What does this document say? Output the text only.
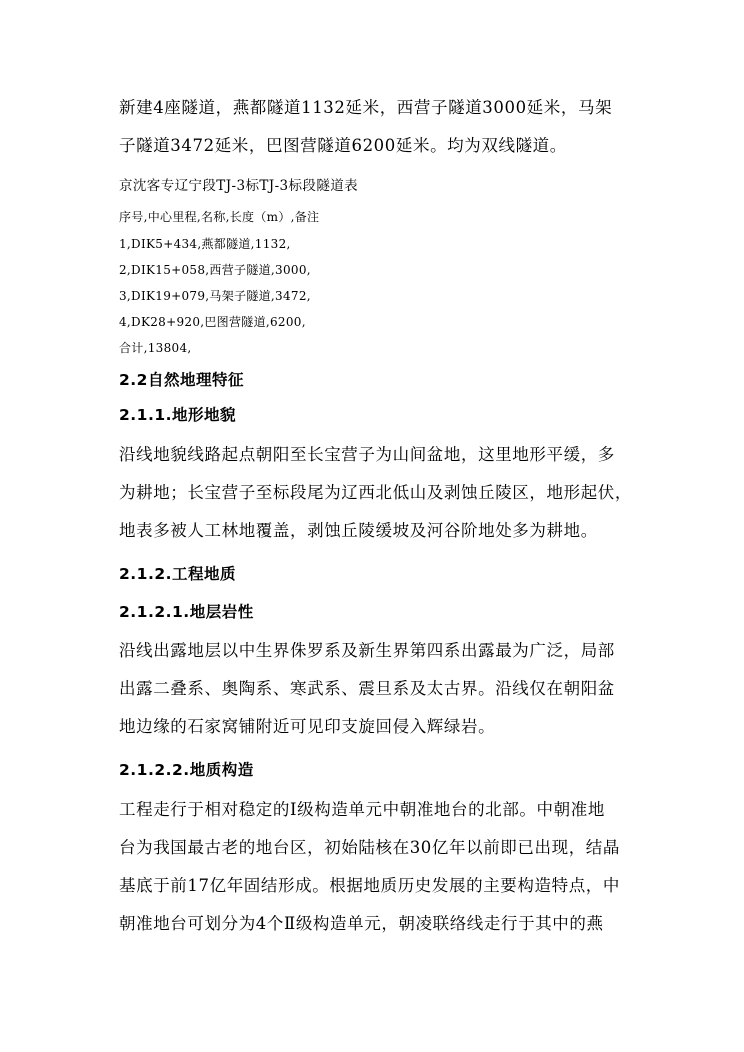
新建4座隧道，燕都隧道1132延米，西营子隧道3000延米，马架
子隧道3472延米，巴图营隧道6200延米。均为双线隧道。
京沈客专辽宁段TJ-3标TJ-3标段隧道表
序号,中心里程,名称,长度（m）,备注
1,DIK5+434,燕都隧道,1132,
2,DIK15+058,西营子隧道,3000,
3,DIK19+079,马架子隧道,3472,
4,DK28+920,巴图营隧道,6200,
合计,13804,
2.2自然地理特征
2.1.1.地形地貌
沿线地貌线路起点朝阳至长宝营子为山间盆地，这里地形平缓，多
为耕地；长宝营子至标段尾为辽西北低山及剥蚀丘陵区，地形起伏，
地表多被人工林地覆盖，剥蚀丘陵缓坡及河谷阶地处多为耕地。
2.1.2.工程地质
2.1.2.1.地层岩性
沿线出露地层以中生界侏罗系及新生界第四系出露最为广泛，局部
出露二叠系、奥陶系、寒武系、震旦系及太古界。沿线仅在朝阳盆
地边缘的石家窝铺附近可见印支旋回侵入辉绿岩。
2.1.2.2.地质构造
工程走行于相对稳定的Ⅰ级构造单元中朝准地台的北部。中朝准地
台为我国最古老的地台区，初始陆核在30亿年以前即已出现，结晶
基底于前17亿年固结形成。根据地质历史发展的主要构造特点，中
朝准地台可划分为4个Ⅱ级构造单元，朝凌联络线走行于其中的燕
